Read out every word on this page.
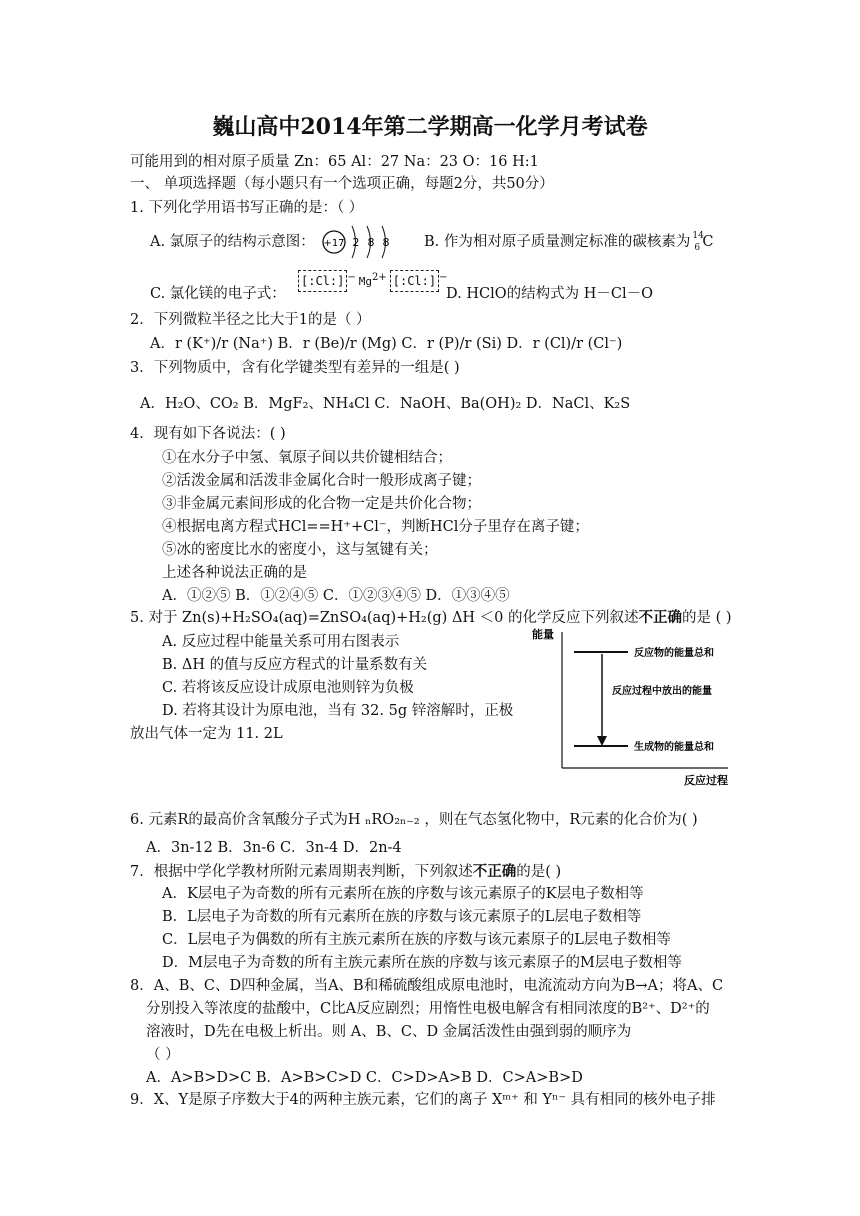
巍山高中2014年第二学期高一化学月考试卷
可能用到的相对原子质量 Zn：65 Al：27 Na：23 O：16 H:1
一、 单项选择题（每小题只有一个选项正确，每题2分，共50分）
1. 下列化学用语书写正确的是：（ ）
A. 氯原子的结构示意图： +17 2 8 8 B. 作为相对原子质量测定标准的碳核素为 14
6 C
C. 氯化镁的电子式：
[:Cl:] − $Mg^{2+}$ [:Cl:] −
D. HClO的结构式为 H－Cl－O
2．下列微粒半径之比大于1的是（ ）
A．r (K⁺)/r (Na⁺) B．r (Be)/r (Mg) C．r (P)/r (Si) D．r (Cl)/r (Cl⁻)
3．下列物质中，含有化学键类型有差异的一组是( )
A．H₂O、CO₂ B．MgF₂、NH₄Cl C．NaOH、Ba(OH)₂ D．NaCl、K₂S
4．现有如下各说法：( )
①在水分子中氢、氧原子间以共价键相结合；
②活泼金属和活泼非金属化合时一般形成离子键；
③非金属元素间形成的化合物一定是共价化合物；
④根据电离方程式HCl==H⁺+Cl⁻，判断HCl分子里存在离子键；
⑤冰的密度比水的密度小，这与氢键有关；
上述各种说法正确的是
A．①②⑤ B．①②④⑤ C．①②③④⑤ D．①③④⑤
5. 对于 Zn(s)+H₂SO₄(aq)=ZnSO₄(aq)+H₂(g) ΔH ＜0 的化学反应下列叙述不正确的是 ( )
A. 反应过程中能量关系可用右图表示
B. ΔH 的值与反应方程式的计量系数有关
C. 若将该反应设计成原电池则锌为负极
D. 若将其设计为原电池，当有 32. 5g 锌溶解时，正极
放出气体一定为 11. 2L
能量
反应物的能量总和
反应过程中放出的能量
生成物的能量总和
反应过程
6. 元素R的最高价含氧酸分子式为H ₙRO₂ₙ₋₂ ，则在气态氢化物中，R元素的化合价为( )
A．3n-12 B．3n-6 C．3n-4 D．2n-4
7．根据中学化学教材所附元素周期表判断，下列叙述不正确的是( )
A．K层电子为奇数的所有元素所在族的序数与该元素原子的K层电子数相等
B．L层电子为奇数的所有元素所在族的序数与该元素原子的L层电子数相等
C．L层电子为偶数的所有主族元素所在族的序数与该元素原子的L层电子数相等
D．M层电子为奇数的所有主族元素所在族的序数与该元素原子的M层电子数相等
8．A、B、C、D四种金属，当A、B和稀硫酸组成原电池时，电流流动方向为B→A；将A、C
分别投入等浓度的盐酸中，C比A反应剧烈；用惰性电极电解含有相同浓度的B²⁺、D²⁺的
溶液时，D先在电极上析出。则 A、B、C、D 金属活泼性由强到弱的顺序为
（ ）
A．A>B>D>C B．A>B>C>D C．C>D>A>B D．C>A>B>D
9．X、Y是原子序数大于4的两种主族元素，它们的离子 Xᵐ⁺ 和 Yⁿ⁻ 具有相同的核外电子排
